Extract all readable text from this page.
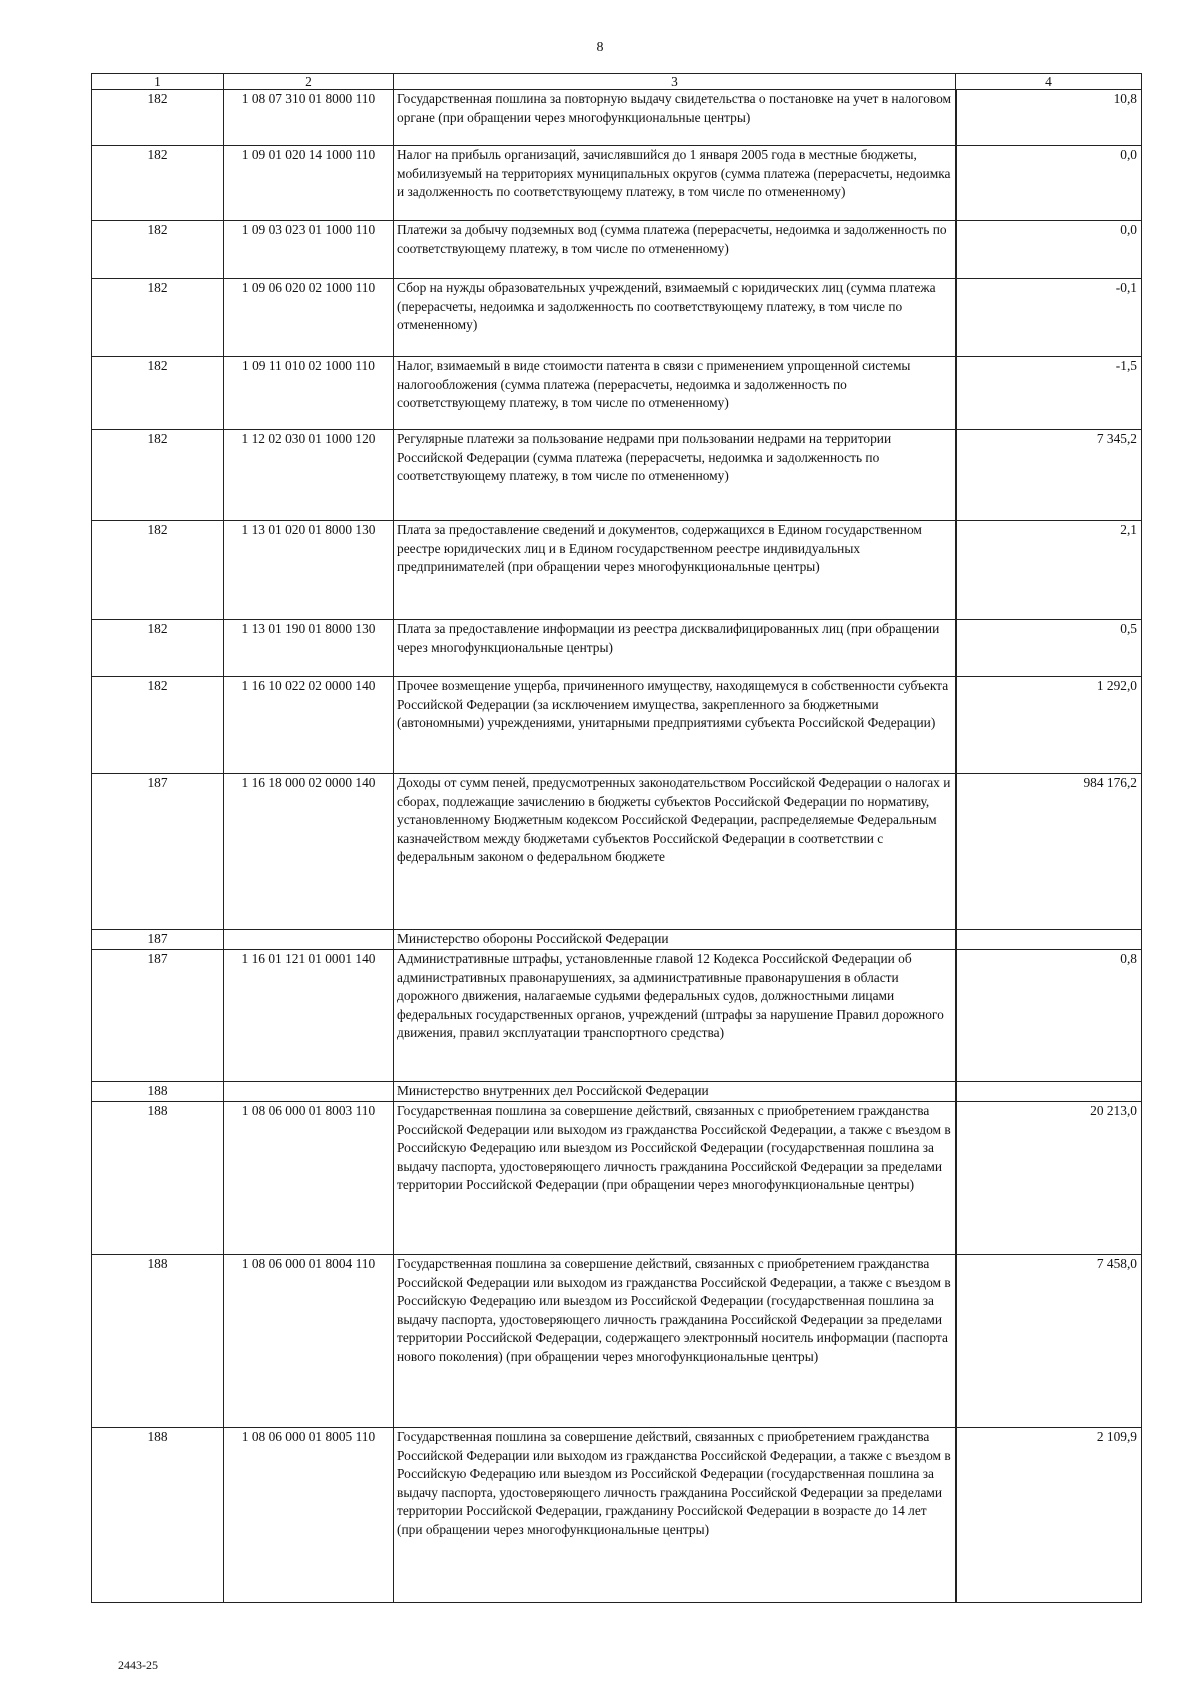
8
1	2	3	4
182	1 08 07 310 01 8000 110	Государственная пошлина за повторную выдачу свидетельства о постановке на учет в налоговом органе (при обращении через многофункциональные центры)	10,8
182	1 09 01 020 14 1000 110	Налог на прибыль организаций, зачислявшийся до 1 января 2005 года в местные бюджеты, мобилизуемый на территориях муниципальных округов (сумма платежа (перерасчеты, недоимка и задолженность по соответствующему платежу, в том числе по отмененному)	0,0
182	1 09 03 023 01 1000 110	Платежи за добычу подземных вод (сумма платежа (перерасчеты, недоимка и задолженность по соответствующему платежу, в том числе по отмененному)	0,0
182	1 09 06 020 02 1000 110	Сбор на нужды образовательных учреждений, взимаемый с юридических лиц (сумма платежа (перерасчеты, недоимка и задолженность по соответствующему платежу, в том числе по отмененному)	-0,1
182	1 09 11 010 02 1000 110	Налог, взимаемый в виде стоимости патента в связи с применением упрощенной системы налогообложения (сумма платежа (перерасчеты, недоимка и задолженность по соответствующему платежу, в том числе по отмененному)	-1,5
182	1 12 02 030 01 1000 120	Регулярные платежи за пользование недрами при пользовании недрами на территории Российской Федерации (сумма платежа (перерасчеты, недоимка и задолженность по соответствующему платежу, в том числе по отмененному)	7 345,2
182	1 13 01 020 01 8000 130	Плата за предоставление сведений и документов, содержащихся в Едином государственном реестре юридических лиц и в Едином государственном реестре индивидуальных предпринимателей (при обращении через многофункциональные центры)	2,1
182	1 13 01 190 01 8000 130	Плата за предоставление информации из реестра дисквалифицированных лиц (при обращении через многофункциональные центры)	0,5
182	1 16 10 022 02 0000 140	Прочее возмещение ущерба, причиненного имуществу, находящемуся в собственности субъекта Российской Федерации (за исключением имущества, закрепленного за бюджетными (автономными) учреждениями, унитарными предприятиями субъекта Российской Федерации)	1 292,0
187	1 16 18 000 02 0000 140	Доходы от сумм пеней, предусмотренных законодательством Российской Федерации о налогах и сборах, подлежащие зачислению в бюджеты субъектов Российской Федерации по нормативу, установленному Бюджетным кодексом Российской Федерации, распределяемые Федеральным казначейством между бюджетами субъектов Российской Федерации в соответствии с федеральным законом о федеральном бюджете	984 176,2
187		Министерство обороны Российской Федерации	
187	1 16 01 121 01 0001 140	Административные штрафы, установленные главой 12 Кодекса Российской Федерации об административных правонарушениях, за административные правонарушения в области дорожного движения, налагаемые судьями федеральных судов, должностными лицами федеральных государственных органов, учреждений (штрафы за нарушение Правил дорожного движения, правил эксплуатации транспортного средства)	0,8
188		Министерство внутренних дел Российской Федерации	
188	1 08 06 000 01 8003 110	Государственная пошлина за совершение действий, связанных с приобретением гражданства Российской Федерации или выходом из гражданства Российской Федерации, а также с въездом в Российскую Федерацию или выездом из Российской Федерации (государственная пошлина за выдачу паспорта, удостоверяющего личность гражданина Российской Федерации за пределами территории Российской Федерации (при обращении через многофункциональные центры)	20 213,0
188	1 08 06 000 01 8004 110	Государственная пошлина за совершение действий, связанных с приобретением гражданства Российской Федерации или выходом из гражданства Российской Федерации, а также с въездом в Российскую Федерацию или выездом из Российской Федерации (государственная пошлина за выдачу паспорта, удостоверяющего личность гражданина Российской Федерации за пределами территории Российской Федерации, содержащего электронный носитель информации (паспорта нового поколения) (при обращении через многофункциональные центры)	7 458,0
188	1 08 06 000 01 8005 110	Государственная пошлина за совершение действий, связанных с приобретением гражданства Российской Федерации или выходом из гражданства Российской Федерации, а также с въездом в Российскую Федерацию или выездом из Российской Федерации (государственная пошлина за выдачу паспорта, удостоверяющего личность гражданина Российской Федерации за пределами территории Российской Федерации, гражданину Российской Федерации в возрасте до 14 лет (при обращении через многофункциональные центры)	2 109,9
2443-25
